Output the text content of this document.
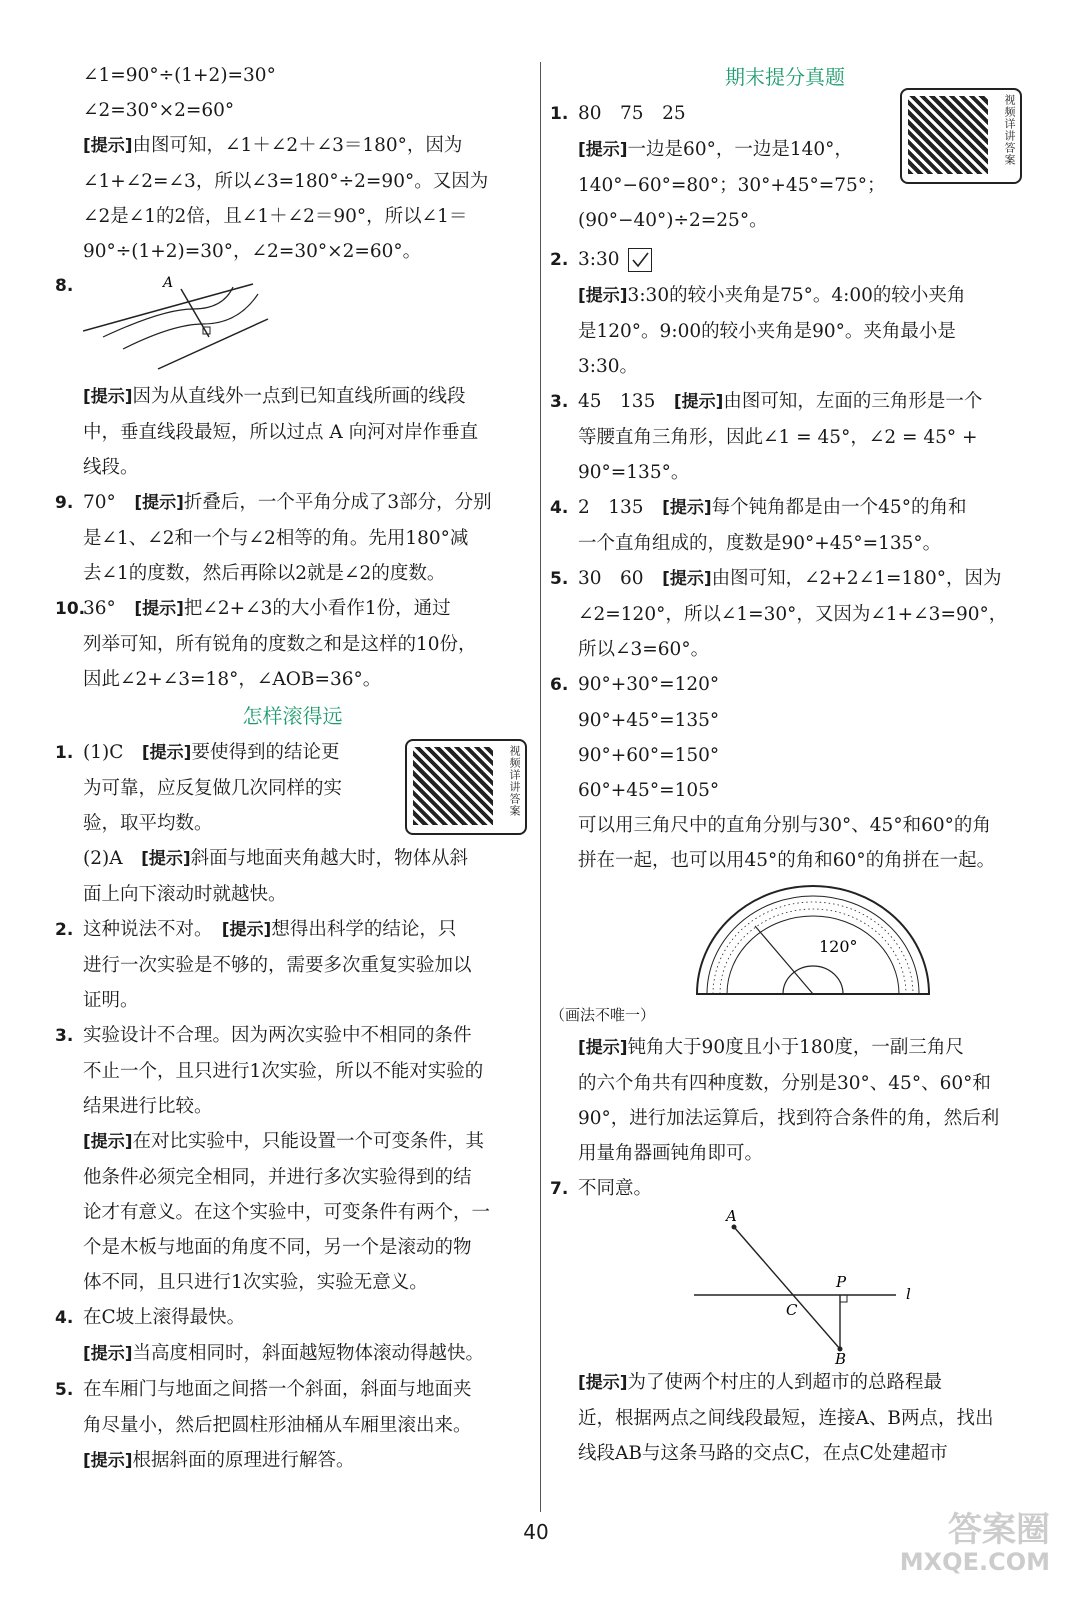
∠1=90°÷(1+2)=30°
∠2=30°×2=60°
[提示]由图可知，∠1＋∠2＋∠3＝180°，因为
∠1+∠2=∠3，所以∠3=180°÷2=90°。又因为
∠2是∠1的2倍，且∠1＋∠2＝90°，所以∠1＝
90°÷(1+2)=30°，∠2=30°×2=60°。
8.	A
[提示]因为从直线外一点到已知直线所画的线段
中，垂直线段最短，所以过点 A 向河对岸作垂直
线段。
9. 70°　 [提示]折叠后，一个平角分成了3部分，分别
是∠1、∠2和一个与∠2相等的角。先用180°减
去∠1的度数，然后再除以2就是∠2的度数。
10.36°　 [提示]把∠2+∠3的大小看作1份，通过
列举可知，所有锐角的度数之和是这样的10份，
因此∠2+∠3=18°，∠AOB=36°。
怎样滚得远
视频详讲答案
1. (1)C　 [提示]要使得到的结论更
为可靠，应反复做几次同样的实
验，取平均数。
(2)A　 [提示]斜面与地面夹角越大时，物体从斜
面上向下滚动时就越快。
2. 这种说法不对。　 [提示]想得出科学的结论，只
进行一次实验是不够的，需要多次重复实验加以
证明。
3. 实验设计不合理。因为两次实验中不相同的条件
不止一个，且只进行1次实验，所以不能对实验的
结果进行比较。
[提示]在对比实验中，只能设置一个可变条件，其
他条件必须完全相同，并进行多次实验得到的结
论才有意义。在这个实验中，可变条件有两个，一
个是木板与地面的角度不同，另一个是滚动的物
体不同，且只进行1次实验，实验无意义。
4. 在C坡上滚得最快。
[提示]当高度相同时，斜面越短物体滚动得越快。
5. 在车厢门与地面之间搭一个斜面，斜面与地面夹
角尽量小，然后把圆柱形油桶从车厢里滚出来。
[提示]根据斜面的原理进行解答。
期末提分真题
视频详讲答案
1. 80　75　25
[提示]一边是60°，一边是140°，
140°−60°=80°；30°+45°=75°；
(90°−40°)÷2=25°。
2. 3:30
[提示]3:30的较小夹角是75°。4:00的较小夹角
是120°。9:00的较小夹角是90°。夹角最小是
3:30。
3. 45　135　 [提示]由图可知，左面的三角形是一个
等腰直角三角形，因此∠1 = 45°，∠2 = 45° +
90°=135°。
4. 2　135　 [提示]每个钝角都是由一个45°的角和
一个直角组成的，度数是90°+45°=135°。
5. 30　60　 [提示]由图可知，∠2+2∠1=180°，因为
∠2=120°，所以∠1=30°，又因为∠1+∠3=90°，
所以∠3=60°。
6. 90°+30°=120°
90°+45°=135°
90°+60°=150°
60°+45°=105°
可以用三角尺中的直角分别与30°、45°和60°的角
拼在一起，也可以用45°的角和60°的角拼在一起。
120°
（画法不唯一）
[提示]钝角大于90度且小于180度，一副三角尺
的六个角共有四种度数，分别是30°、45°、60°和
90°，进行加法运算后，找到符合条件的角，然后利
用量角器画钝角即可。
7. 不同意。
A
P
l
C
B
[提示]为了使两个村庄的人到超市的总路程最
近，根据两点之间线段最短，连接A、B两点，找出
线段AB与这条马路的交点C，在点C处建超市
40	答案圈
MXQE.COM
